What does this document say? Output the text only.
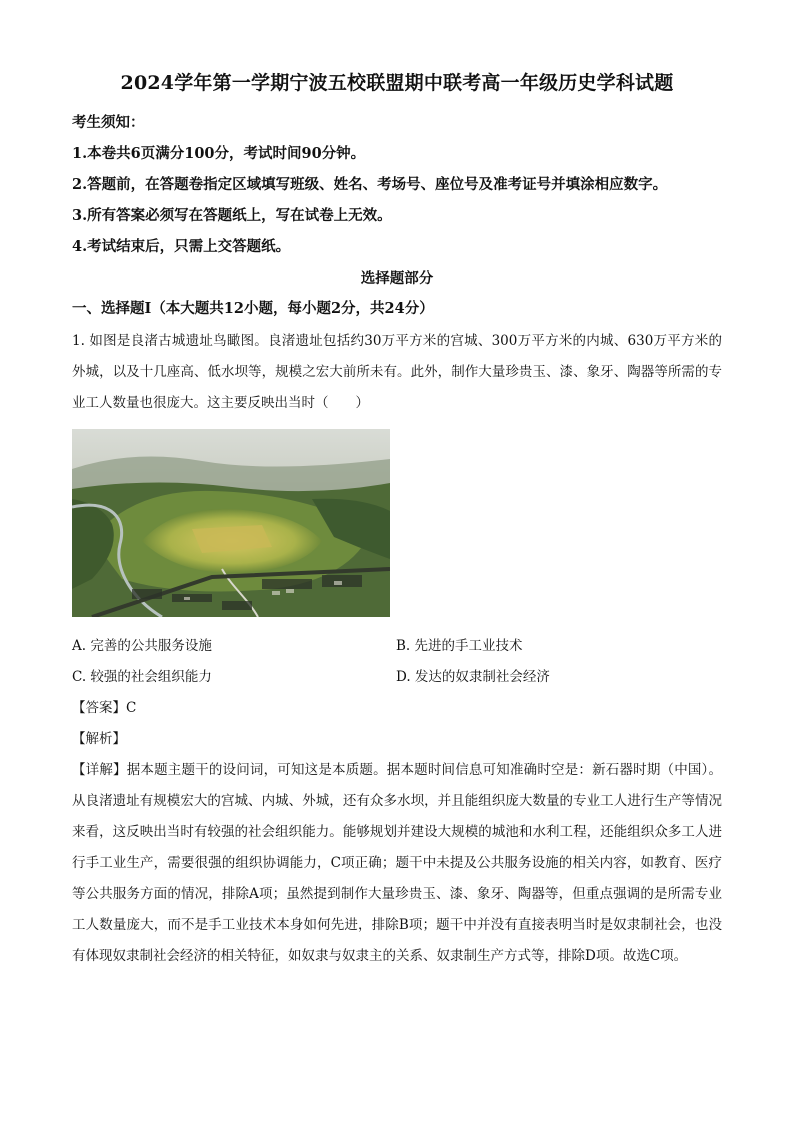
2024学年第一学期宁波五校联盟期中联考高一年级历史学科试题

考生须知：

1.本卷共6页满分100分，考试时间90分钟。

2.答题前，在答题卷指定区域填写班级、姓名、考场号、座位号及准考证号并填涂相应数字。

3.所有答案必须写在答题纸上，写在试卷上无效。

4.考试结束后，只需上交答题纸。

选择题部分

一、选择题Ⅰ（本大题共12小题，每小题2分，共24分）

1. 如图是良渚古城遗址鸟瞰图。良渚遗址包括约30万平方米的宫城、300万平方米的内城、630万平方米的外城，以及十几座高、低水坝等，规模之宏大前所未有。此外，制作大量珍贵玉、漆、象牙、陶器等所需的专业工人数量也很庞大。这主要反映出当时（　　）

A. 完善的公共服务设施	B. 先进的手工业技术
C. 较强的社会组织能力	D. 发达的奴隶制社会经济

【答案】C

【解析】

【详解】据本题主题干的设问词，可知这是本质题。据本题时间信息可知准确时空是：新石器时期（中国）。从良渚遗址有规模宏大的宫城、内城、外城，还有众多水坝，并且能组织庞大数量的专业工人进行生产等情况来看，这反映出当时有较强的社会组织能力。能够规划并建设大规模的城池和水利工程，还能组织众多工人进行手工业生产，需要很强的组织协调能力，C项正确；题干中未提及公共服务设施的相关内容，如教育、医疗等公共服务方面的情况，排除A项；虽然提到制作大量珍贵玉、漆、象牙、陶器等，但重点强调的是所需专业工人数量庞大，而不是手工业技术本身如何先进，排除B项；题干中并没有直接表明当时是奴隶制社会，也没有体现奴隶制社会经济的相关特征，如奴隶与奴隶主的关系、奴隶制生产方式等，排除D项。故选C项。
